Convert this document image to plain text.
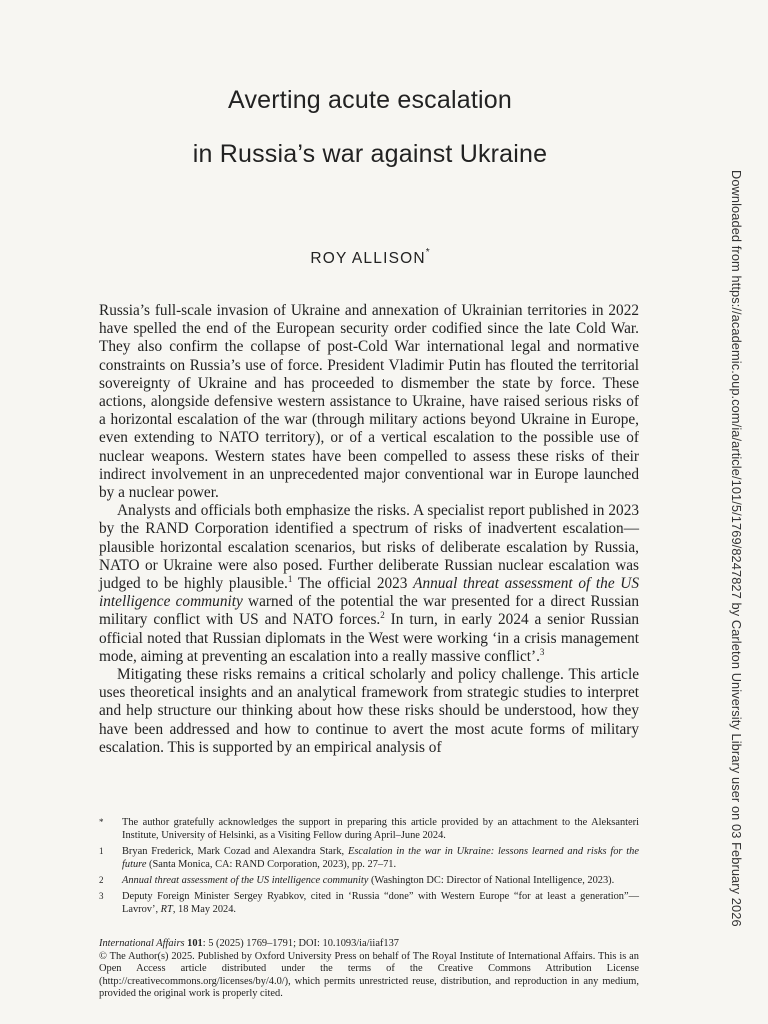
Averting acute escalation
in Russia’s war against Ukraine
ROY ALLISON*

Russia’s full-scale invasion of Ukraine and annexation of Ukrainian territories in 2022 have spelled the end of the European security order codified since the late Cold War. They also confirm the collapse of post-Cold War international legal and normative constraints on Russia’s use of force. President Vladimir Putin has flouted the territorial sovereignty of Ukraine and has proceeded to dismember the state by force. These actions, alongside defensive western assistance to Ukraine, have raised serious risks of a horizontal escalation of the war (through military actions beyond Ukraine in Europe, even extending to NATO territory), or of a vertical escalation to the possible use of nuclear weapons. Western states have been compelled to assess these risks of their indirect involvement in an unprecedented major conventional war in Europe launched by a nuclear power.

Analysts and officials both emphasize the risks. A specialist report published in 2023 by the RAND Corporation identified a spectrum of risks of inadvertent escalation—plausible horizontal escalation scenarios, but risks of deliberate escalation by Russia, NATO or Ukraine were also posed. Further deliberate Russian nuclear escalation was judged to be highly plausible.$^1$ The official 2023 Annual threat assessment of the US intelligence community warned of the potential the war presented for a direct Russian military conflict with US and NATO forces.$^2$ In turn, in early 2024 a senior Russian official noted that Russian diplomats in the West were working ‘in a crisis management mode, aiming at preventing an escalation into a really massive conflict’.$^3$

Mitigating these risks remains a critical scholarly and policy challenge. This article uses theoretical insights and an analytical framework from strategic studies to interpret and help structure our thinking about how these risks should be understood, how they have been addressed and how to continue to avert the most acute forms of military escalation. This is supported by an empirical analysis of

* The author gratefully acknowledges the support in preparing this article provided by an attachment to the Aleksanteri Institute, University of Helsinki, as a Visiting Fellow during April–June 2024.
1 Bryan Frederick, Mark Cozad and Alexandra Stark, Escalation in the war in Ukraine: lessons learned and risks for the future (Santa Monica, CA: RAND Corporation, 2023), pp. 27–71.
2 Annual threat assessment of the US intelligence community (Washington DC: Director of National Intelligence, 2023).
3 Deputy Foreign Minister Sergey Ryabkov, cited in ‘Russia “done” with Western Europe “for at least a generation”—Lavrov’, RT, 18 May 2024.
International Affairs 101: 5 (2025) 1769–1791; DOI: 10.1093/ia/iiaf137
© The Author(s) 2025. Published by Oxford University Press on behalf of The Royal Institute of International Affairs. This is an Open Access article distributed under the terms of the Creative Commons Attribution License (http://creativecommons.org/licenses/by/4.0/), which permits unrestricted reuse, distribution, and reproduction in any medium, provided the original work is properly cited.
Downloaded from https://academic.oup.com/ia/article/101/5/1769/8247827 by Carleton University Library user on 03 February 2026
